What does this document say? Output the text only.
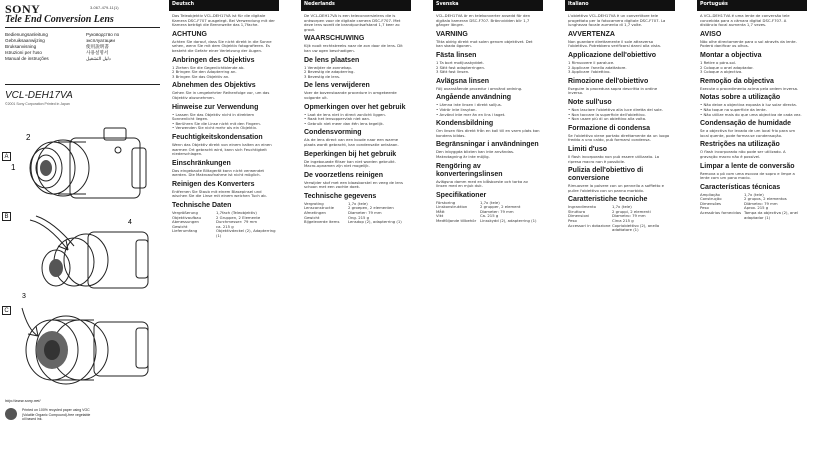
SONY	3-067-479-11(1)
Tele End Conversion Lens
Bedienungsanleitung
Gebruiksaanwijzing
Bruksanvisning
Istruzioni per l'uso
Manual de instruções
Руководство по
эксплуатации
使用說明書
사용설명서
دليل التشغيل
VCL-DEH17VA
©2001 Sony Corporation Printed in Japan
A
1
2
B
4
3
C
http://www.sony.net/
Printed on 100% recycled paper using VOC (Volatile Organic Compound)-free vegetable oil based ink.
Deutsch
Das Teleobjektiv VCL-DEH17VA ist für die digitale Kamera DSC-F707 ausgelegt. Bei Verwendung mit der Kamera beträgt die Brennweite das 1,7fache.
ACHTUNG
Achten Sie darauf, dass Sie nicht direkt in die Sonne sehen, wenn Sie mit dem Objektiv fotografieren. Es besteht die Gefahr einer Verletzung der Augen.
Anbringen des Objektivs
1 Ziehen Sie die Gegenlichtblende ab.
2 Bringen Sie den Adapterring an.
3 Bringen Sie das Objektiv an.
Abnehmen des Objektivs
Gehen Sie in umgekehrter Reihenfolge vor, um das Objektiv abzunehmen.
Hinweise zur Verwendung
• Lassen Sie das Objektiv nicht in direktem Sonnenlicht liegen.
• Berühren Sie die Linse nicht mit den Fingern.
• Verwenden Sie nicht mehr als ein Objektiv.
Feuchtigkeitskondensation
Wenn das Objektiv direkt von einem kalten an einen warmen Ort gebracht wird, kann sich Feuchtigkeit niederschlagen.
Einschränkungen
Das eingebaute Blitzgerät kann nicht verwendet werden. Die Makroaufnahme ist nicht möglich.
Reinigen des Konverters
Entfernen Sie Staub mit einem Blasepinsel und wischen Sie die Linse mit einem weichen Tuch ab.
Technische Daten
Vergrößerung	1,7fach (Teleobjektiv)
Objektivaufbau	2 Gruppen, 2 Elemente
Abmessungen	Durchmesser: 79 mm
Gewicht	ca. 215 g
Lieferumfang	Objektivdeckel (2), Adapterring (1)
Nederlands
De VCL-DEH17VA is een teleconversielens die is ontworpen voor de digitale camera DSC-F707. Met deze lens wordt de brandpuntsafstand 1,7 keer zo groot.
WAARSCHUWING
Kijk nooit rechtstreeks naar de zon door de lens. Dit kan uw ogen beschadigen.
De lens plaatsen
1 Verwijder de zonnekap.
2 Bevestig de adapterring.
3 Bevestig de lens.
De lens verwijderen
Voer de bovenstaande procedure in omgekeerde volgorde uit.
Opmerkingen over het gebruik
• Laat de lens niet in direct zonlicht liggen.
• Raak het lensoppervlak niet aan.
• Gebruik niet meer dan één lens tegelijk.
Condensvorming
Als de lens direct van een koude naar een warme plaats wordt gebracht, kan condensatie ontstaan.
Beperkingen bij het gebruik
De ingebouwde flitser kan niet worden gebruikt. Macro-opnamen zijn niet mogelijk.
De voorzetlens reinigen
Verwijder stof met een blaasborstel en veeg de lens schoon met een zachte doek.
Technische gegevens
Vergroting	1,7x (tele)
Lensconstructie	2 groepen, 2 elementen
Afmetingen	Diameter: 79 mm
Gewicht	Ong. 215 g
Bijgeleverde items	Lensdop (2), adapterring (1)
Svenska
VCL-DEH17VA är en telekonverter avsedd för den digitala kameran DSC-F707. Brännvidden blir 1,7 gånger längre.
VARNING
Titta aldrig direkt mot solen genom objektivet. Det kan skada ögonen.
Fästa linsen
1 Ta bort motljusskyddet.
2 Sätt fast adapterringen.
3 Sätt fast linsen.
Avlägsna linsen
Följ ovanstående procedur i omvänd ordning.
Angående användning
• Lämna inte linsen i direkt solljus.
• Vidrör inte linsytan.
• Använd inte mer än en lins i taget.
Kondensbildning
Om linsen förs direkt från en kall till en varm plats kan kondens bildas.
Begränsningar i användningen
Den inbyggda blixten kan inte användas. Makrotagning är inte möjlig.
Rengöring av konverteringslinsen
Avlägsna damm med en blåsborste och torka av linsen med en mjuk duk.
Specifikationer
Förstoring	1,7x (tele)
Linskonstruktion	2 grupper, 2 element
Mått	Diameter: 79 mm
Vikt	Ca. 215 g
Medföljande tillbehör	Linsskydd (2), adapterring (1)
Italiano
L'obiettivo VCL-DEH17VA è un convertitore tele progettato per la fotocamera digitale DSC-F707. La lunghezza focale aumenta di 1,7 volte.
AVVERTENZA
Non guardare direttamente il sole attraverso l'obiettivo. Potrebbero verificarsi danni alla vista.
Applicazione dell'obiettivo
1 Rimuovere il paraluce.
2 Applicare l'anello adattatore.
3 Applicare l'obiettivo.
Rimozione dell'obiettivo
Eseguire la procedura sopra descritta in ordine inverso.
Note sull'uso
• Non lasciare l'obiettivo alla luce diretta del sole.
• Non toccare la superficie dell'obiettivo.
• Non usare più di un obiettivo alla volta.
Formazione di condensa
Se l'obiettivo viene portato direttamente da un luogo freddo a uno caldo, può formarsi condensa.
Limiti d'uso
Il flash incorporato non può essere utilizzato. La ripresa macro non è possibile.
Pulizia dell'obiettivo di conversione
Rimuovere la polvere con un pennello a soffietto e pulire l'obiettivo con un panno morbido.
Caratteristiche tecniche
Ingrandimento	1,7x (tele)
Struttura	2 gruppi, 2 elementi
Dimensioni	Diametro: 79 mm
Peso	Circa 215 g
Accessori in dotazione Copriobiettivo (2), anello adattatore (1)
Português
A VCL-DEH17VA é uma lente de conversão tele concebida para a câmara digital DSC-F707. A distância focal aumenta 1,7 vezes.
AVISO
Não olhe directamente para o sol através da lente. Poderá danificar os olhos.
Montar a objectiva
1 Retire o pára-sol.
2 Coloque o anel adaptador.
3 Coloque a objectiva.
Remoção da objectiva
Execute o procedimento acima pela ordem inversa.
Notas sobre a utilização
• Não deixe a objectiva exposta à luz solar directa.
• Não toque na superfície da lente.
• Não utilize mais do que uma objectiva de cada vez.
Condensação de humidade
Se a objectiva for levada de um local frio para um local quente, pode formar-se condensação.
Restrições na utilização
O flash incorporado não pode ser utilizado. A gravação macro não é possível.
Limpar a lente de conversão
Remova o pó com uma escova de sopro e limpe a lente com um pano macio.
Características técnicas
Ampliação	1,7x (tele)
Construção	2 grupos, 2 elementos
Dimensões	Diâmetro: 79 mm
Peso	Aprox. 215 g
Acessórios fornecidos Tampa da objectiva (2), anel adaptador (1)
